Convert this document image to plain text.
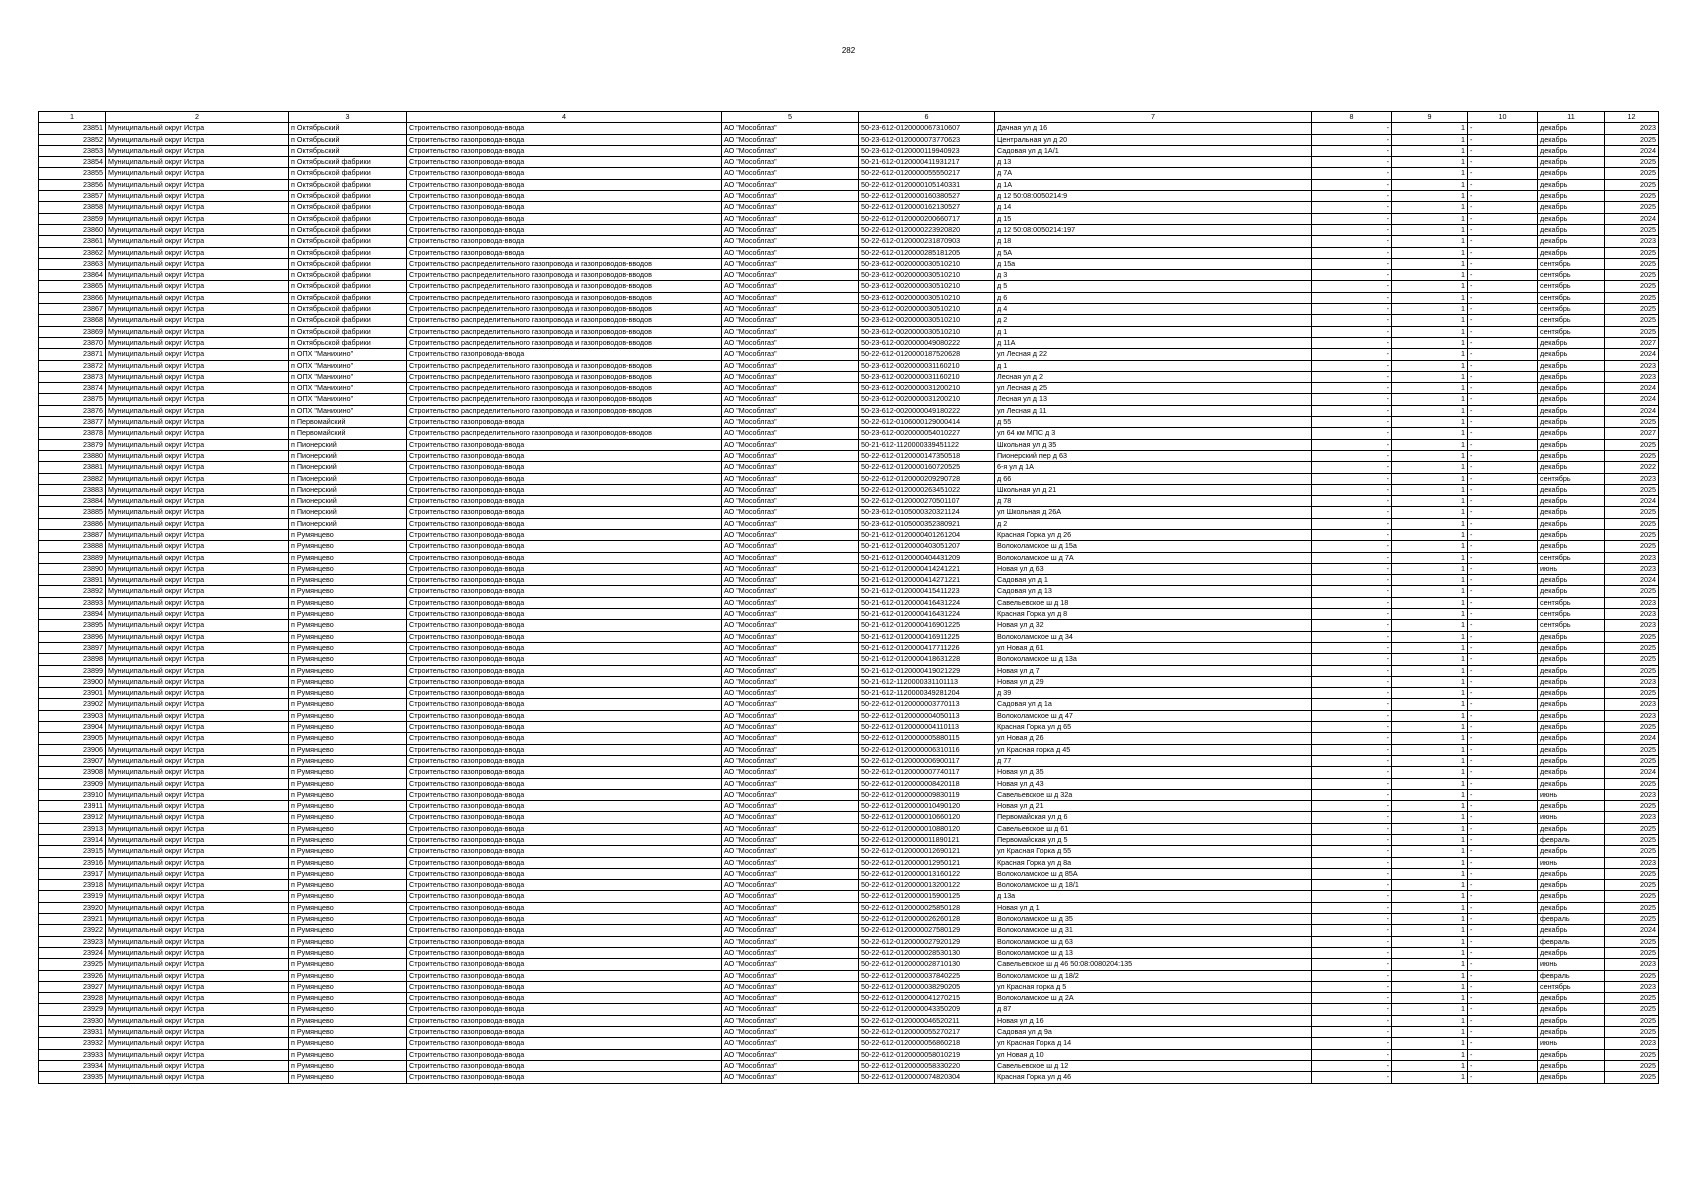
282
1	2	3	4	5	6	7	8	9	10	11	12
23851	Муниципальный округ Истра	п Октябрьский	Строительство газопровода-ввода	АО "Мособлгаз"	50-23-612-0120000067310607	Дачная ул д 16	-	1	-	декабрь	2023
23852	Муниципальный округ Истра	п Октябрьский	Строительство газопровода-ввода	АО "Мособлгаз"	50-23-612-0120000073770623	Центральная ул д 20	-	1	-	декабрь	2025
23853	Муниципальный округ Истра	п Октябрьский	Строительство газопровода-ввода	АО "Мособлгаз"	50-23-612-0120000119940923	Садовая ул д 1А/1	-	1	-	декабрь	2024
23854	Муниципальный округ Истра	п Октябрьский фабрики	Строительство газопровода-ввода	АО "Мособлгаз"	50-21-612-0120000411931217	д 13	-	1	-	декабрь	2025
23855	Муниципальный округ Истра	п Октябрьской фабрики	Строительство газопровода-ввода	АО "Мособлгаз"	50-22-612-0120000055550217	д 7А	-	1	-	декабрь	2025
23856	Муниципальный округ Истра	п Октябрьской фабрики	Строительство газопровода-ввода	АО "Мособлгаз"	50-22-612-0120000105140331	д 1А	-	1	-	декабрь	2025
23857	Муниципальный округ Истра	п Октябрьской фабрики	Строительство газопровода-ввода	АО "Мособлгаз"	50-22-612-0120000160380527	д 12 50:08:0050214:9	-	1	-	декабрь	2025
23858	Муниципальный округ Истра	п Октябрьской фабрики	Строительство газопровода-ввода	АО "Мособлгаз"	50-22-612-0120000162130527	д 14	-	1	-	декабрь	2025
23859	Муниципальный округ Истра	п Октябрьской фабрики	Строительство газопровода-ввода	АО "Мособлгаз"	50-22-612-0120000200660717	д 15	-	1	-	декабрь	2024
23860	Муниципальный округ Истра	п Октябрьской фабрики	Строительство газопровода-ввода	АО "Мособлгаз"	50-22-612-0120000223920820	д 12 50:08:0050214:197	-	1	-	декабрь	2025
23861	Муниципальный округ Истра	п Октябрьской фабрики	Строительство газопровода-ввода	АО "Мособлгаз"	50-22-612-0120000231870903	д 18	-	1	-	декабрь	2023
23862	Муниципальный округ Истра	п Октябрьской фабрики	Строительство газопровода-ввода	АО "Мособлгаз"	50-22-612-0120000285181205	д 5А	-	1	-	декабрь	2025
23863	Муниципальный округ Истра	п Октябрьской фабрики	Строительство распределительного газопровода и газопроводов-вводов	АО "Мособлгаз"	50-23-612-0020000030510210	д 15а	-	1	-	сентябрь	2025
23864	Муниципальный округ Истра	п Октябрьской фабрики	Строительство распределительного газопровода и газопроводов-вводов	АО "Мособлгаз"	50-23-612-0020000030510210	д 3	-	1	-	сентябрь	2025
23865	Муниципальный округ Истра	п Октябрьской фабрики	Строительство распределительного газопровода и газопроводов-вводов	АО "Мособлгаз"	50-23-612-0020000030510210	д 5	-	1	-	сентябрь	2025
23866	Муниципальный округ Истра	п Октябрьской фабрики	Строительство распределительного газопровода и газопроводов-вводов	АО "Мособлгаз"	50-23-612-0020000030510210	д 6	-	1	-	сентябрь	2025
23867	Муниципальный округ Истра	п Октябрьской фабрики	Строительство распределительного газопровода и газопроводов-вводов	АО "Мособлгаз"	50-23-612-0020000030510210	д 4	-	1	-	сентябрь	2025
23868	Муниципальный округ Истра	п Октябрьской фабрики	Строительство распределительного газопровода и газопроводов-вводов	АО "Мособлгаз"	50-23-612-0020000030510210	д 2	-	1	-	сентябрь	2025
23869	Муниципальный округ Истра	п Октябрьской фабрики	Строительство распределительного газопровода и газопроводов-вводов	АО "Мособлгаз"	50-23-612-0020000030510210	д 1	-	1	-	сентябрь	2025
23870	Муниципальный округ Истра	п Октябрьской фабрики	Строительство распределительного газопровода и газопроводов-вводов	АО "Мособлгаз"	50-23-612-0020000049080222	д 11А	-	1	-	декабрь	2027
23871	Муниципальный округ Истра	п ОПХ "Манихино"	Строительство газопровода-ввода	АО "Мособлгаз"	50-22-612-0120000187520628	ул Лесная д 22	-	1	-	декабрь	2024
23872	Муниципальный округ Истра	п ОПХ "Манихино"	Строительство распределительного газопровода и газопроводов-вводов	АО "Мособлгаз"	50-23-612-0020000031160210	д 1	-	1	-	декабрь	2023
23873	Муниципальный округ Истра	п ОПХ "Манихино"	Строительство распределительного газопровода и газопроводов-вводов	АО "Мособлгаз"	50-23-612-0020000031160210	Лесная ул д 2	-	1	-	декабрь	2023
23874	Муниципальный округ Истра	п ОПХ "Манихино"	Строительство распределительного газопровода и газопроводов-вводов	АО "Мособлгаз"	50-23-612-0020000031200210	ул Лесная д 25	-	1	-	декабрь	2024
23875	Муниципальный округ Истра	п ОПХ "Манихино"	Строительство распределительного газопровода и газопроводов-вводов	АО "Мособлгаз"	50-23-612-0020000031200210	Лесная ул д 13	-	1	-	декабрь	2024
23876	Муниципальный округ Истра	п ОПХ "Манихино"	Строительство распределительного газопровода и газопроводов-вводов	АО "Мособлгаз"	50-23-612-0020000049180222	ул Лесная д 11	-	1	-	декабрь	2024
23877	Муниципальный округ Истра	п Первомайский	Строительство газопровода-ввода	АО "Мособлгаз"	50-22-612-0106000129000414	д 55	-	1	-	декабрь	2025
23878	Муниципальный округ Истра	п Первомайский	Строительство распределительного газопровода и газопроводов-вводов	АО "Мособлгаз"	50-23-612-0020000054010227	ул 64 км МПС д 3	-	1	-	декабрь	2027
23879	Муниципальный округ Истра	п Пионерский	Строительство газопровода-ввода	АО "Мособлгаз"	50-21-612-1120000339451122	Школьная ул д 35	-	1	-	декабрь	2025
23880	Муниципальный округ Истра	п Пионерский	Строительство газопровода-ввода	АО "Мособлгаз"	50-22-612-0120000147350518	Пионерский пер д 63	-	1	-	декабрь	2025
23881	Муниципальный округ Истра	п Пионерский	Строительство газопровода-ввода	АО "Мособлгаз"	50-22-612-0120000160720525	6-я ул д 1А	-	1	-	декабрь	2022
23882	Муниципальный округ Истра	п Пионерский	Строительство газопровода-ввода	АО "Мособлгаз"	50-22-612-0120000209290728	д 66	-	1	-	сентябрь	2023
23883	Муниципальный округ Истра	п Пионерский	Строительство газопровода-ввода	АО "Мособлгаз"	50-22-612-0120000263451022	Школьная ул д 21	-	1	-	декабрь	2025
23884	Муниципальный округ Истра	п Пионерский	Строительство газопровода-ввода	АО "Мособлгаз"	50-22-612-0120000270501107	д 78	-	1	-	декабрь	2024
23885	Муниципальный округ Истра	п Пионерский	Строительство газопровода-ввода	АО "Мособлгаз"	50-23-612-0105000320321124	ул Школьная д 26А	-	1	-	декабрь	2025
23886	Муниципальный округ Истра	п Пионерский	Строительство газопровода-ввода	АО "Мособлгаз"	50-23-612-0105000352380921	д 2	-	1	-	декабрь	2025
23887	Муниципальный округ Истра	п Румянцево	Строительство газопровода-ввода	АО "Мособлгаз"	50-21-612-0120000401261204	Красная Горка ул д 26	-	1	-	декабрь	2025
23888	Муниципальный округ Истра	п Румянцево	Строительство газопровода-ввода	АО "Мособлгаз"	50-21-612-0120000403051207	Волоколамское ш д 15а	-	1	-	декабрь	2025
23889	Муниципальный округ Истра	п Румянцево	Строительство газопровода-ввода	АО "Мособлгаз"	50-21-612-0120000404431209	Волоколамское ш д 7А	-	1	-	сентябрь	2023
23890	Муниципальный округ Истра	п Румянцево	Строительство газопровода-ввода	АО "Мособлгаз"	50-21-612-0120000414241221	Новая ул д 63	-	1	-	июнь	2023
23891	Муниципальный округ Истра	п Румянцево	Строительство газопровода-ввода	АО "Мособлгаз"	50-21-612-0120000414271221	Садовая ул д 1	-	1	-	декабрь	2024
23892	Муниципальный округ Истра	п Румянцево	Строительство газопровода-ввода	АО "Мособлгаз"	50-21-612-0120000415411223	Садовая ул д 13	-	1	-	декабрь	2025
23893	Муниципальный округ Истра	п Румянцево	Строительство газопровода-ввода	АО "Мособлгаз"	50-21-612-0120000416431224	Савельевское ш д 18	-	1	-	сентябрь	2023
23894	Муниципальный округ Истра	п Румянцево	Строительство газопровода-ввода	АО "Мособлгаз"	50-21-612-0120000416431224	Красная Горка ул д 8	-	1	-	сентябрь	2023
23895	Муниципальный округ Истра	п Румянцево	Строительство газопровода-ввода	АО "Мособлгаз"	50-21-612-0120000416901225	Новая ул д 32	-	1	-	сентябрь	2023
23896	Муниципальный округ Истра	п Румянцево	Строительство газопровода-ввода	АО "Мособлгаз"	50-21-612-0120000416911225	Волоколамское ш д 34	-	1	-	декабрь	2025
23897	Муниципальный округ Истра	п Румянцево	Строительство газопровода-ввода	АО "Мособлгаз"	50-21-612-0120000417711226	ул Новая д 61	-	1	-	декабрь	2025
23898	Муниципальный округ Истра	п Румянцево	Строительство газопровода-ввода	АО "Мособлгаз"	50-21-612-0120000418631228	Волоколамское ш д 13а	-	1	-	декабрь	2025
23899	Муниципальный округ Истра	п Румянцево	Строительство газопровода-ввода	АО "Мособлгаз"	50-21-612-0120000419021229	Новая ул д 7	-	1	-	декабрь	2025
23900	Муниципальный округ Истра	п Румянцево	Строительство газопровода-ввода	АО "Мособлгаз"	50-21-612-1120000331101113	Новая ул д 29	-	1	-	декабрь	2023
23901	Муниципальный округ Истра	п Румянцево	Строительство газопровода-ввода	АО "Мособлгаз"	50-21-612-1120000349281204	д 39	-	1	-	декабрь	2025
23902	Муниципальный округ Истра	п Румянцево	Строительство газопровода-ввода	АО "Мособлгаз"	50-22-612-0120000003770113	Садовая ул д 1а	-	1	-	декабрь	2023
23903	Муниципальный округ Истра	п Румянцево	Строительство газопровода-ввода	АО "Мособлгаз"	50-22-612-0120000004050113	Волоколамское ш д 47	-	1	-	декабрь	2023
23904	Муниципальный округ Истра	п Румянцево	Строительство газопровода-ввода	АО "Мособлгаз"	50-22-612-0120000004110113	Красная Горка ул д 65	-	1	-	декабрь	2025
23905	Муниципальный округ Истра	п Румянцево	Строительство газопровода-ввода	АО "Мособлгаз"	50-22-612-0120000005880115	ул Новая д 26	-	1	-	декабрь	2024
23906	Муниципальный округ Истра	п Румянцево	Строительство газопровода-ввода	АО "Мособлгаз"	50-22-612-0120000006310116	ул Красная горка д 45	-	1	-	декабрь	2025
23907	Муниципальный округ Истра	п Румянцево	Строительство газопровода-ввода	АО "Мособлгаз"	50-22-612-0120000006900117	д 77	-	1	-	декабрь	2025
23908	Муниципальный округ Истра	п Румянцево	Строительство газопровода-ввода	АО "Мособлгаз"	50-22-612-0120000007740117	Новая ул д 35	-	1	-	декабрь	2024
23909	Муниципальный округ Истра	п Румянцево	Строительство газопровода-ввода	АО "Мособлгаз"	50-22-612-0120000008420118	Новая ул д 43	-	1	-	декабрь	2025
23910	Муниципальный округ Истра	п Румянцево	Строительство газопровода-ввода	АО "Мособлгаз"	50-22-612-0120000009830119	Савельевское ш д 32а	-	1	-	июнь	2023
23911	Муниципальный округ Истра	п Румянцево	Строительство газопровода-ввода	АО "Мособлгаз"	50-22-612-0120000010490120	Новая ул д 21	-	1	-	декабрь	2025
23912	Муниципальный округ Истра	п Румянцево	Строительство газопровода-ввода	АО "Мособлгаз"	50-22-612-0120000010660120	Первомайская ул д 6	-	1	-	июнь	2023
23913	Муниципальный округ Истра	п Румянцево	Строительство газопровода-ввода	АО "Мособлгаз"	50-22-612-0120000010880120	Савельевское ш д 61	-	1	-	декабрь	2025
23914	Муниципальный округ Истра	п Румянцево	Строительство газопровода-ввода	АО "Мособлгаз"	50-22-612-0120000011890121	Первомайская ул д 5	-	1	-	февраль	2025
23915	Муниципальный округ Истра	п Румянцево	Строительство газопровода-ввода	АО "Мособлгаз"	50-22-612-0120000012690121	ул Красная Горка д 55	-	1	-	декабрь	2025
23916	Муниципальный округ Истра	п Румянцево	Строительство газопровода-ввода	АО "Мособлгаз"	50-22-612-0120000012950121	Красная Горка ул д 8а	-	1	-	июнь	2023
23917	Муниципальный округ Истра	п Румянцево	Строительство газопровода-ввода	АО "Мособлгаз"	50-22-612-0120000013160122	Волоколамское ш д 85А	-	1	-	декабрь	2025
23918	Муниципальный округ Истра	п Румянцево	Строительство газопровода-ввода	АО "Мособлгаз"	50-22-612-0120000013200122	Волоколамское ш д 18/1	-	1	-	декабрь	2025
23919	Муниципальный округ Истра	п Румянцево	Строительство газопровода-ввода	АО "Мособлгаз"	50-22-612-0120000015900125	д 13а	-	1	-	декабрь	2025
23920	Муниципальный округ Истра	п Румянцево	Строительство газопровода-ввода	АО "Мособлгаз"	50-22-612-0120000025850128	Новая ул д 1	-	1	-	декабрь	2025
23921	Муниципальный округ Истра	п Румянцево	Строительство газопровода-ввода	АО "Мособлгаз"	50-22-612-0120000026260128	Волоколамское ш д 35	-	1	-	февраль	2025
23922	Муниципальный округ Истра	п Румянцево	Строительство газопровода-ввода	АО "Мособлгаз"	50-22-612-0120000027580129	Волоколамское ш д 31	-	1	-	декабрь	2024
23923	Муниципальный округ Истра	п Румянцево	Строительство газопровода-ввода	АО "Мособлгаз"	50-22-612-0120000027920129	Волоколамское ш д 63	-	1	-	февраль	2025
23924	Муниципальный округ Истра	п Румянцево	Строительство газопровода-ввода	АО "Мособлгаз"	50-22-612-0120000028530130	Волоколамское ш д 13	-	1	-	декабрь	2025
23925	Муниципальный округ Истра	п Румянцево	Строительство газопровода-ввода	АО "Мособлгаз"	50-22-612-0120000028710130	Савельевское ш д 46 50:08:0080204:135	-	1	-	июнь	2023
23926	Муниципальный округ Истра	п Румянцево	Строительство газопровода-ввода	АО "Мособлгаз"	50-22-612-0120000037840225	Волоколамское ш д 18/2	-	1	-	февраль	2025
23927	Муниципальный округ Истра	п Румянцево	Строительство газопровода-ввода	АО "Мособлгаз"	50-22-612-0120000038290205	ул Красная горка д 5	-	1	-	сентябрь	2023
23928	Муниципальный округ Истра	п Румянцево	Строительство газопровода-ввода	АО "Мособлгаз"	50-22-612-0120000041270215	Волоколамское ш д 2А	-	1	-	декабрь	2025
23929	Муниципальный округ Истра	п Румянцево	Строительство газопровода-ввода	АО "Мособлгаз"	50-22-612-0120000043350209	д 87	-	1	-	декабрь	2025
23930	Муниципальный округ Истра	п Румянцево	Строительство газопровода-ввода	АО "Мособлгаз"	50-22-612-0120000046520211	Новая ул д 16	-	1	-	декабрь	2025
23931	Муниципальный округ Истра	п Румянцево	Строительство газопровода-ввода	АО "Мособлгаз"	50-22-612-0120000055270217	Садовая ул д 9а	-	1	-	декабрь	2025
23932	Муниципальный округ Истра	п Румянцево	Строительство газопровода-ввода	АО "Мособлгаз"	50-22-612-0120000056860218	ул Красная Горка д 14	-	1	-	июнь	2023
23933	Муниципальный округ Истра	п Румянцево	Строительство газопровода-ввода	АО "Мособлгаз"	50-22-612-0120000058010219	ул Новая д 10	-	1	-	декабрь	2025
23934	Муниципальный округ Истра	п Румянцево	Строительство газопровода-ввода	АО "Мособлгаз"	50-22-612-0120000058330220	Савельевское ш д 12	-	1	-	декабрь	2025
23935	Муниципальный округ Истра	п Румянцево	Строительство газопровода-ввода	АО "Мособлгаз"	50-22-612-0120000074820304	Красная Горка ул д 46	-	1	-	декабрь	2025
